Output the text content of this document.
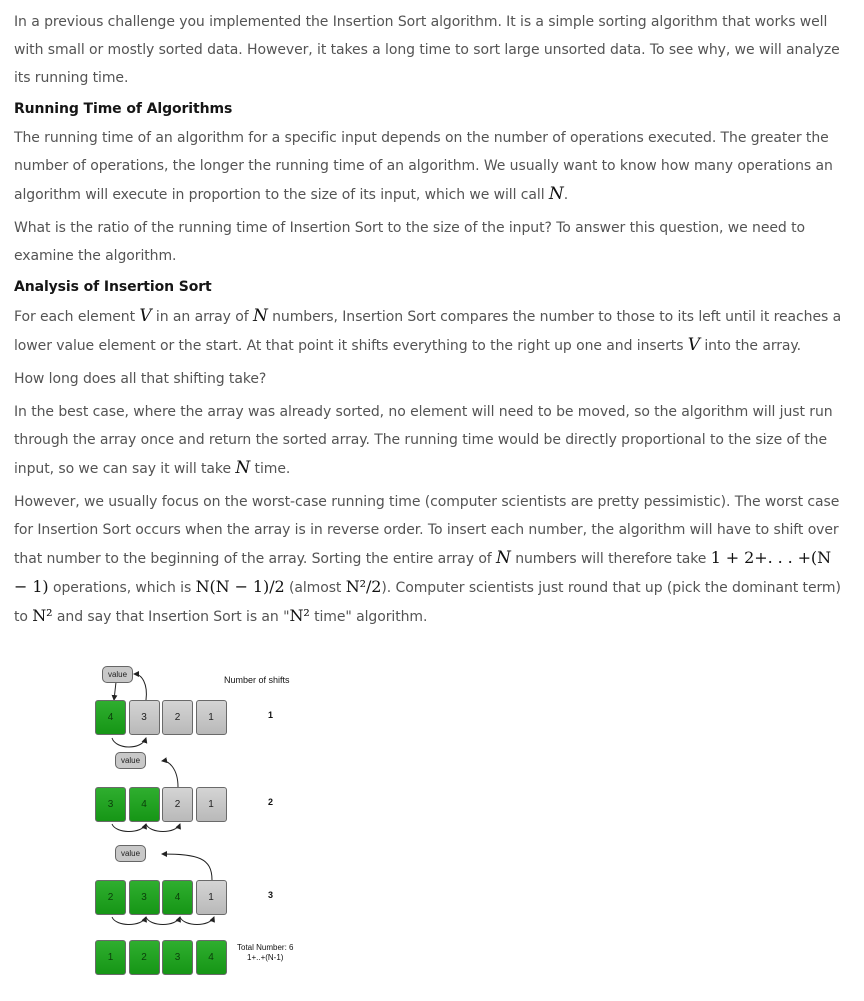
In a previous challenge you implemented the Insertion Sort algorithm. It is a simple sorting algorithm that works well with small or mostly sorted data. However, it takes a long time to sort large unsorted data. To see why, we will analyze its running time.

Running Time of Algorithms

The running time of an algorithm for a specific input depends on the number of operations executed. The greater the number of operations, the longer the running time of an algorithm. We usually want to know how many operations an algorithm will execute in proportion to the size of its input, which we will call N.

What is the ratio of the running time of Insertion Sort to the size of the input? To answer this question, we need to examine the algorithm.

Analysis of Insertion Sort

For each element V in an array of N numbers, Insertion Sort compares the number to those to its left until it reaches a lower value element or the start. At that point it shifts everything to the right up one and inserts V into the array.

How long does all that shifting take?

In the best case, where the array was already sorted, no element will need to be moved, so the algorithm will just run through the array once and return the sorted array. The running time would be directly proportional to the size of the input, so we can say it will take N time.

However, we usually focus on the worst-case running time (computer scientists are pretty pessimistic). The worst case for Insertion Sort occurs when the array is in reverse order. To insert each number, the algorithm will have to shift over that number to the beginning of the array. Sorting the entire array of N numbers will therefore take 1 + 2+. . . +(N − 1) operations, which is N(N − 1)/2 (almost N²/2). Computer scientists just round that up (pick the dominant term) to N² and say that Insertion Sort is an "N² time" algorithm.

value
value
value
Number of shifts
4	3	2	1	1
3	4	2	1	2
2	3	4	1	3
1	2	3	4
Total Number: 6
1+..+(N-1)
